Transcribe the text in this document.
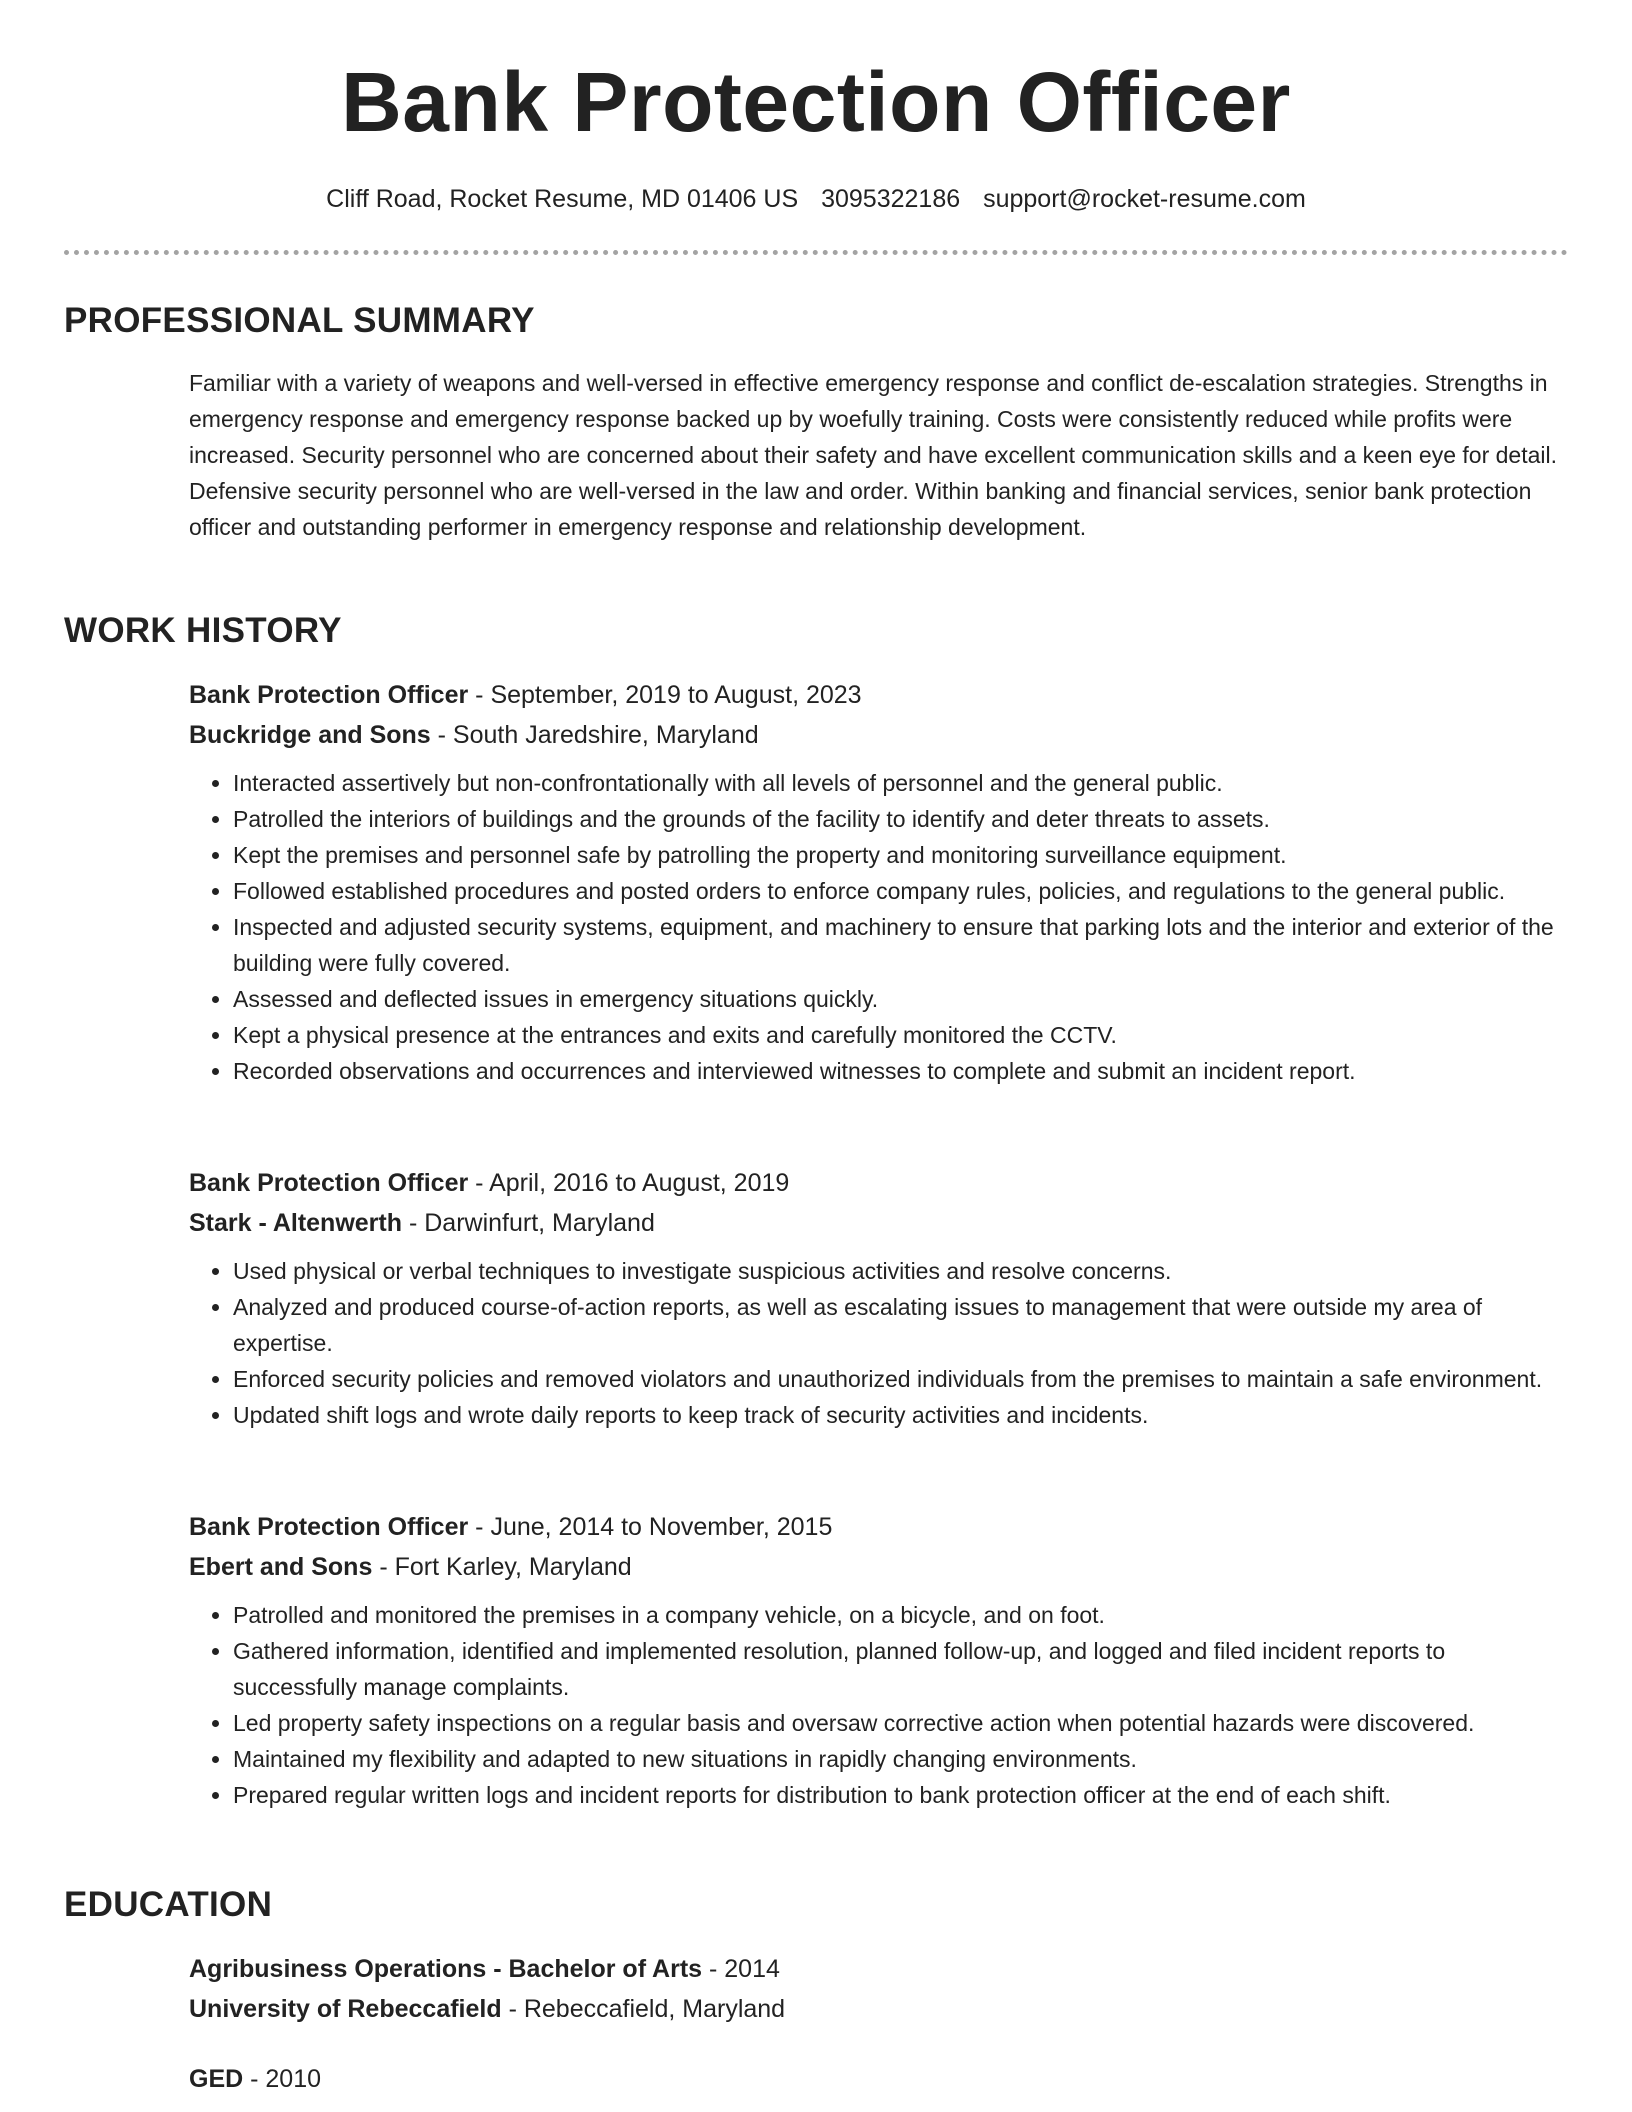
Bank Protection Officer
Cliff Road, Rocket Resume, MD 01406 US 3095322186 support@rocket-resume.com
PROFESSIONAL SUMMARY

Familiar with a variety of weapons and well-versed in effective emergency response and conflict de-escalation strategies. Strengths in emergency response and emergency response backed up by woefully training. Costs were consistently reduced while profits were increased. Security personnel who are concerned about their safety and have excellent communication skills and a keen eye for detail. Defensive security personnel who are well-versed in the law and order. Within banking and financial services, senior bank protection officer and outstanding performer in emergency response and relationship development.

WORK HISTORY

Bank Protection Officer - September, 2019 to August, 2023

Buckridge and Sons - South Jaredshire, Maryland

• Interacted assertively but non-confrontationally with all levels of personnel and the general public.
• Patrolled the interiors of buildings and the grounds of the facility to identify and deter threats to assets.
• Kept the premises and personnel safe by patrolling the property and monitoring surveillance equipment.
• Followed established procedures and posted orders to enforce company rules, policies, and regulations to the general public.
• Inspected and adjusted security systems, equipment, and machinery to ensure that parking lots and the interior and exterior of the building were fully covered.
• Assessed and deflected issues in emergency situations quickly.
• Kept a physical presence at the entrances and exits and carefully monitored the CCTV.
• Recorded observations and occurrences and interviewed witnesses to complete and submit an incident report.

Bank Protection Officer - April, 2016 to August, 2019

Stark - Altenwerth - Darwinfurt, Maryland

• Used physical or verbal techniques to investigate suspicious activities and resolve concerns.
• Analyzed and produced course-of-action reports, as well as escalating issues to management that were outside my area of expertise.
• Enforced security policies and removed violators and unauthorized individuals from the premises to maintain a safe environment.
• Updated shift logs and wrote daily reports to keep track of security activities and incidents.

Bank Protection Officer - June, 2014 to November, 2015

Ebert and Sons - Fort Karley, Maryland

• Patrolled and monitored the premises in a company vehicle, on a bicycle, and on foot.
• Gathered information, identified and implemented resolution, planned follow-up, and logged and filed incident reports to successfully manage complaints.
• Led property safety inspections on a regular basis and oversaw corrective action when potential hazards were discovered.
• Maintained my flexibility and adapted to new situations in rapidly changing environments.
• Prepared regular written logs and incident reports for distribution to bank protection officer at the end of each shift.
EDUCATION

Agribusiness Operations - Bachelor of Arts - 2014

University of Rebeccafield - Rebeccafield, Maryland

GED - 2010
